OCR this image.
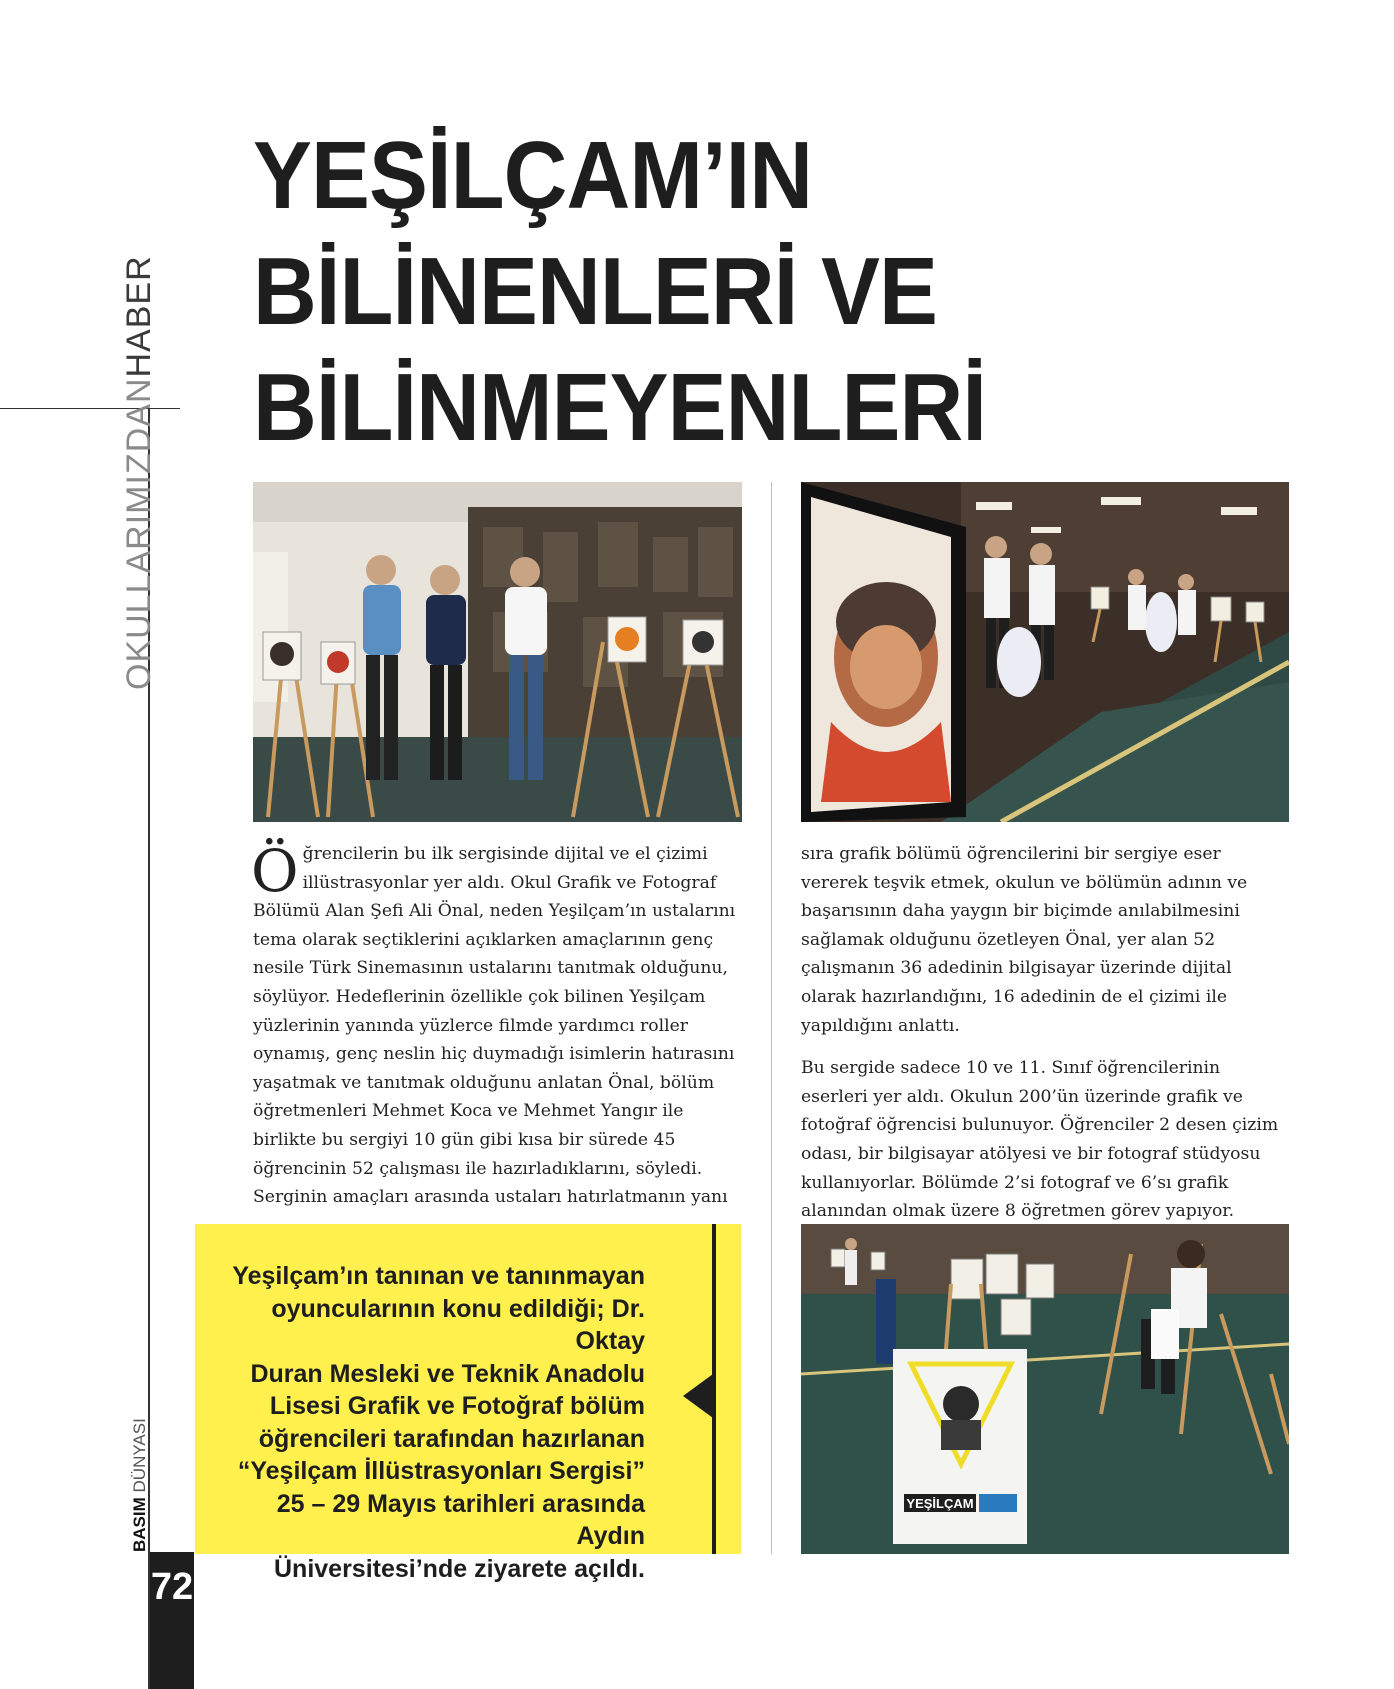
OKULLARIMIZDANHABER
BASIM DÜNYASI
72
YEŞİLÇAM’IN
BİLİNENLERİ VE
BİLİNMEYENLERİ
YEŞİLÇAM
Öğrencilerin bu ilk sergisinde dijital ve el çizimi illüstrasyonlar yer aldı. Okul Grafik ve Fotograf Bölümü Alan Şefi Ali Önal, neden Yeşilçam’ın ustalarını tema olarak seçtiklerini açıklarken amaçlarının genç nesile Türk Sinemasının ustalarını tanıtmak olduğunu, söylüyor. Hedeflerinin özellikle çok bilinen Yeşilçam yüzlerinin yanında yüzlerce filmde yardımcı roller oynamış, genç neslin hiç duymadığı isimlerin hatırasını yaşatmak ve tanıtmak olduğunu anlatan Önal, bölüm öğretmenleri Mehmet Koca ve Mehmet Yangır ile birlikte bu sergiyi 10 gün gibi kısa bir sürede 45 öğrencinin 52 çalışması ile hazırladıklarını, söyledi. Serginin amaçları arasında ustaları hatırlatmanın yanı

sıra grafik bölümü öğrencilerini bir sergiye eser vererek teşvik etmek, okulun ve bölümün adının ve başarısının daha yaygın bir biçimde anılabilmesini sağlamak olduğunu özetleyen Önal, yer alan 52 çalışmanın 36 adedinin bilgisayar üzerinde dijital olarak hazırlandığını, 16 adedinin de el çizimi ile yapıldığını anlattı.

Bu sergide sadece 10 ve 11. Sınıf öğrencilerinin eserleri yer aldı. Okulun 200’ün üzerinde grafik ve fotoğraf öğrencisi bulunuyor. Öğrenciler 2 desen çizim odası, bir bilgisayar atölyesi ve bir fotograf stüdyosu kullanıyorlar. Bölümde 2’si fotograf ve 6’sı grafik alanından olmak üzere 8 öğretmen görev yapıyor.

Yeşilçam’ın tanınan ve tanınmayan
oyuncularının konu edildiği; Dr. Oktay
Duran Mesleki ve Teknik Anadolu
Lisesi Grafik ve Fotoğraf bölüm
öğrencileri tarafından hazırlanan
“Yeşilçam İllüstrasyonları Sergisi”
25 – 29 Mayıs tarihleri arasında Aydın
Üniversitesi’nde ziyarete açıldı.
